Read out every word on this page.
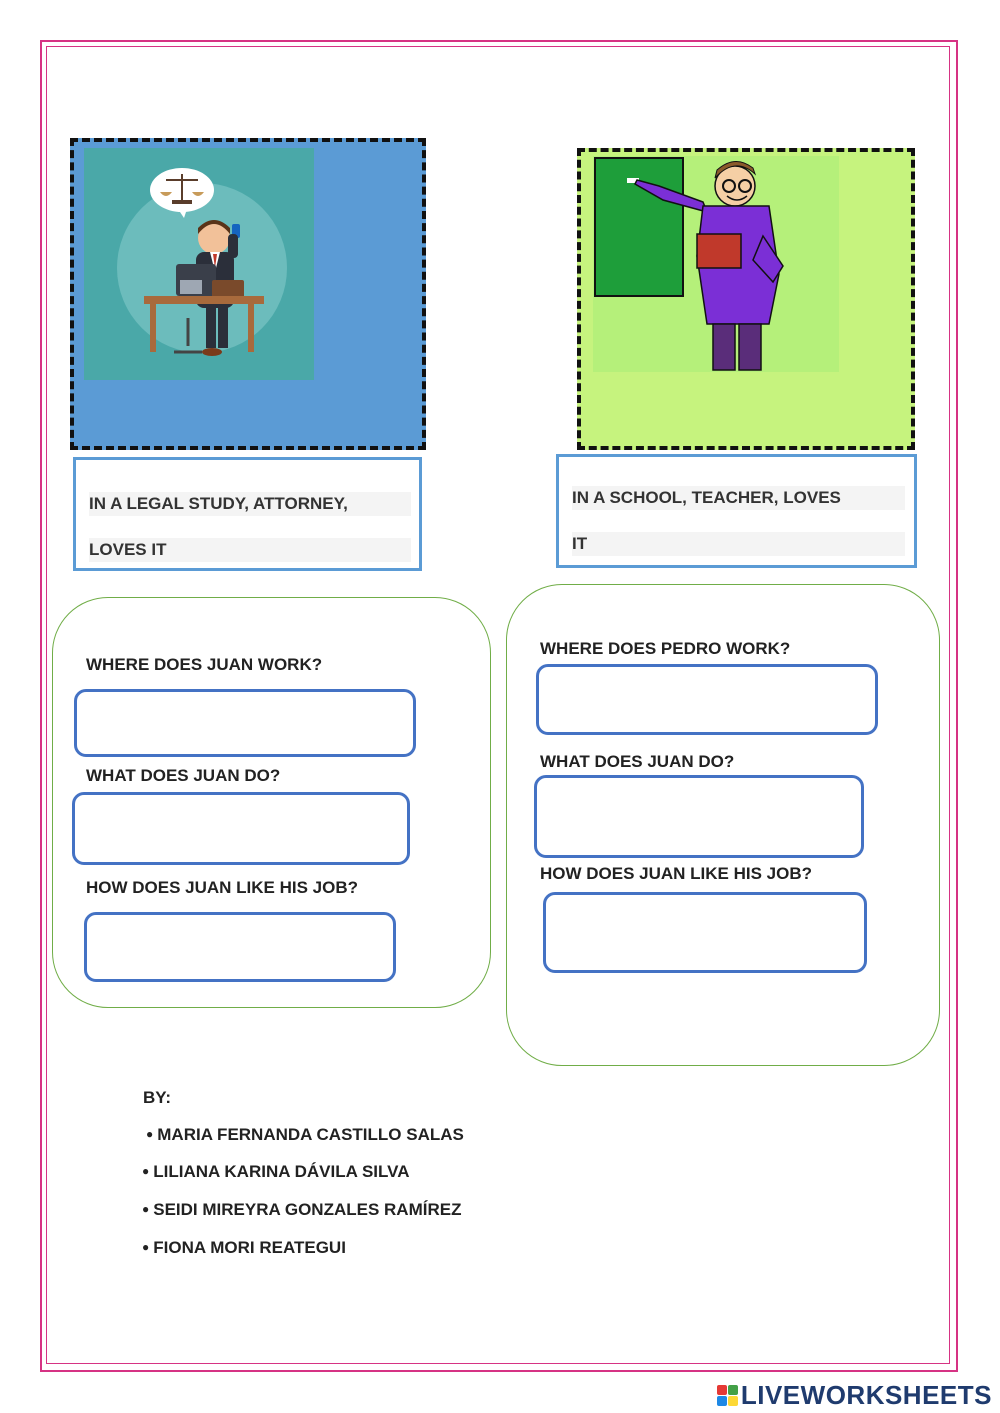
IN A LEGAL STUDY, ATTORNEY,
LOVES IT
IN A SCHOOL, TEACHER, LOVES
IT
WHERE DOES JUAN WORK?
WHAT DOES JUAN DO?
HOW DOES JUAN LIKE HIS JOB?
WHERE DOES PEDRO WORK?
WHAT DOES JUAN DO?
HOW DOES JUAN LIKE HIS JOB?
BY:
● MARIA FERNANDA CASTILLO SALAS
● LILIANA KARINA DÁVILA SILVA
● SEIDI MIREYRA GONZALES RAMÍREZ
● FIONA MORI REATEGUI
LIVEWORKSHEETS
